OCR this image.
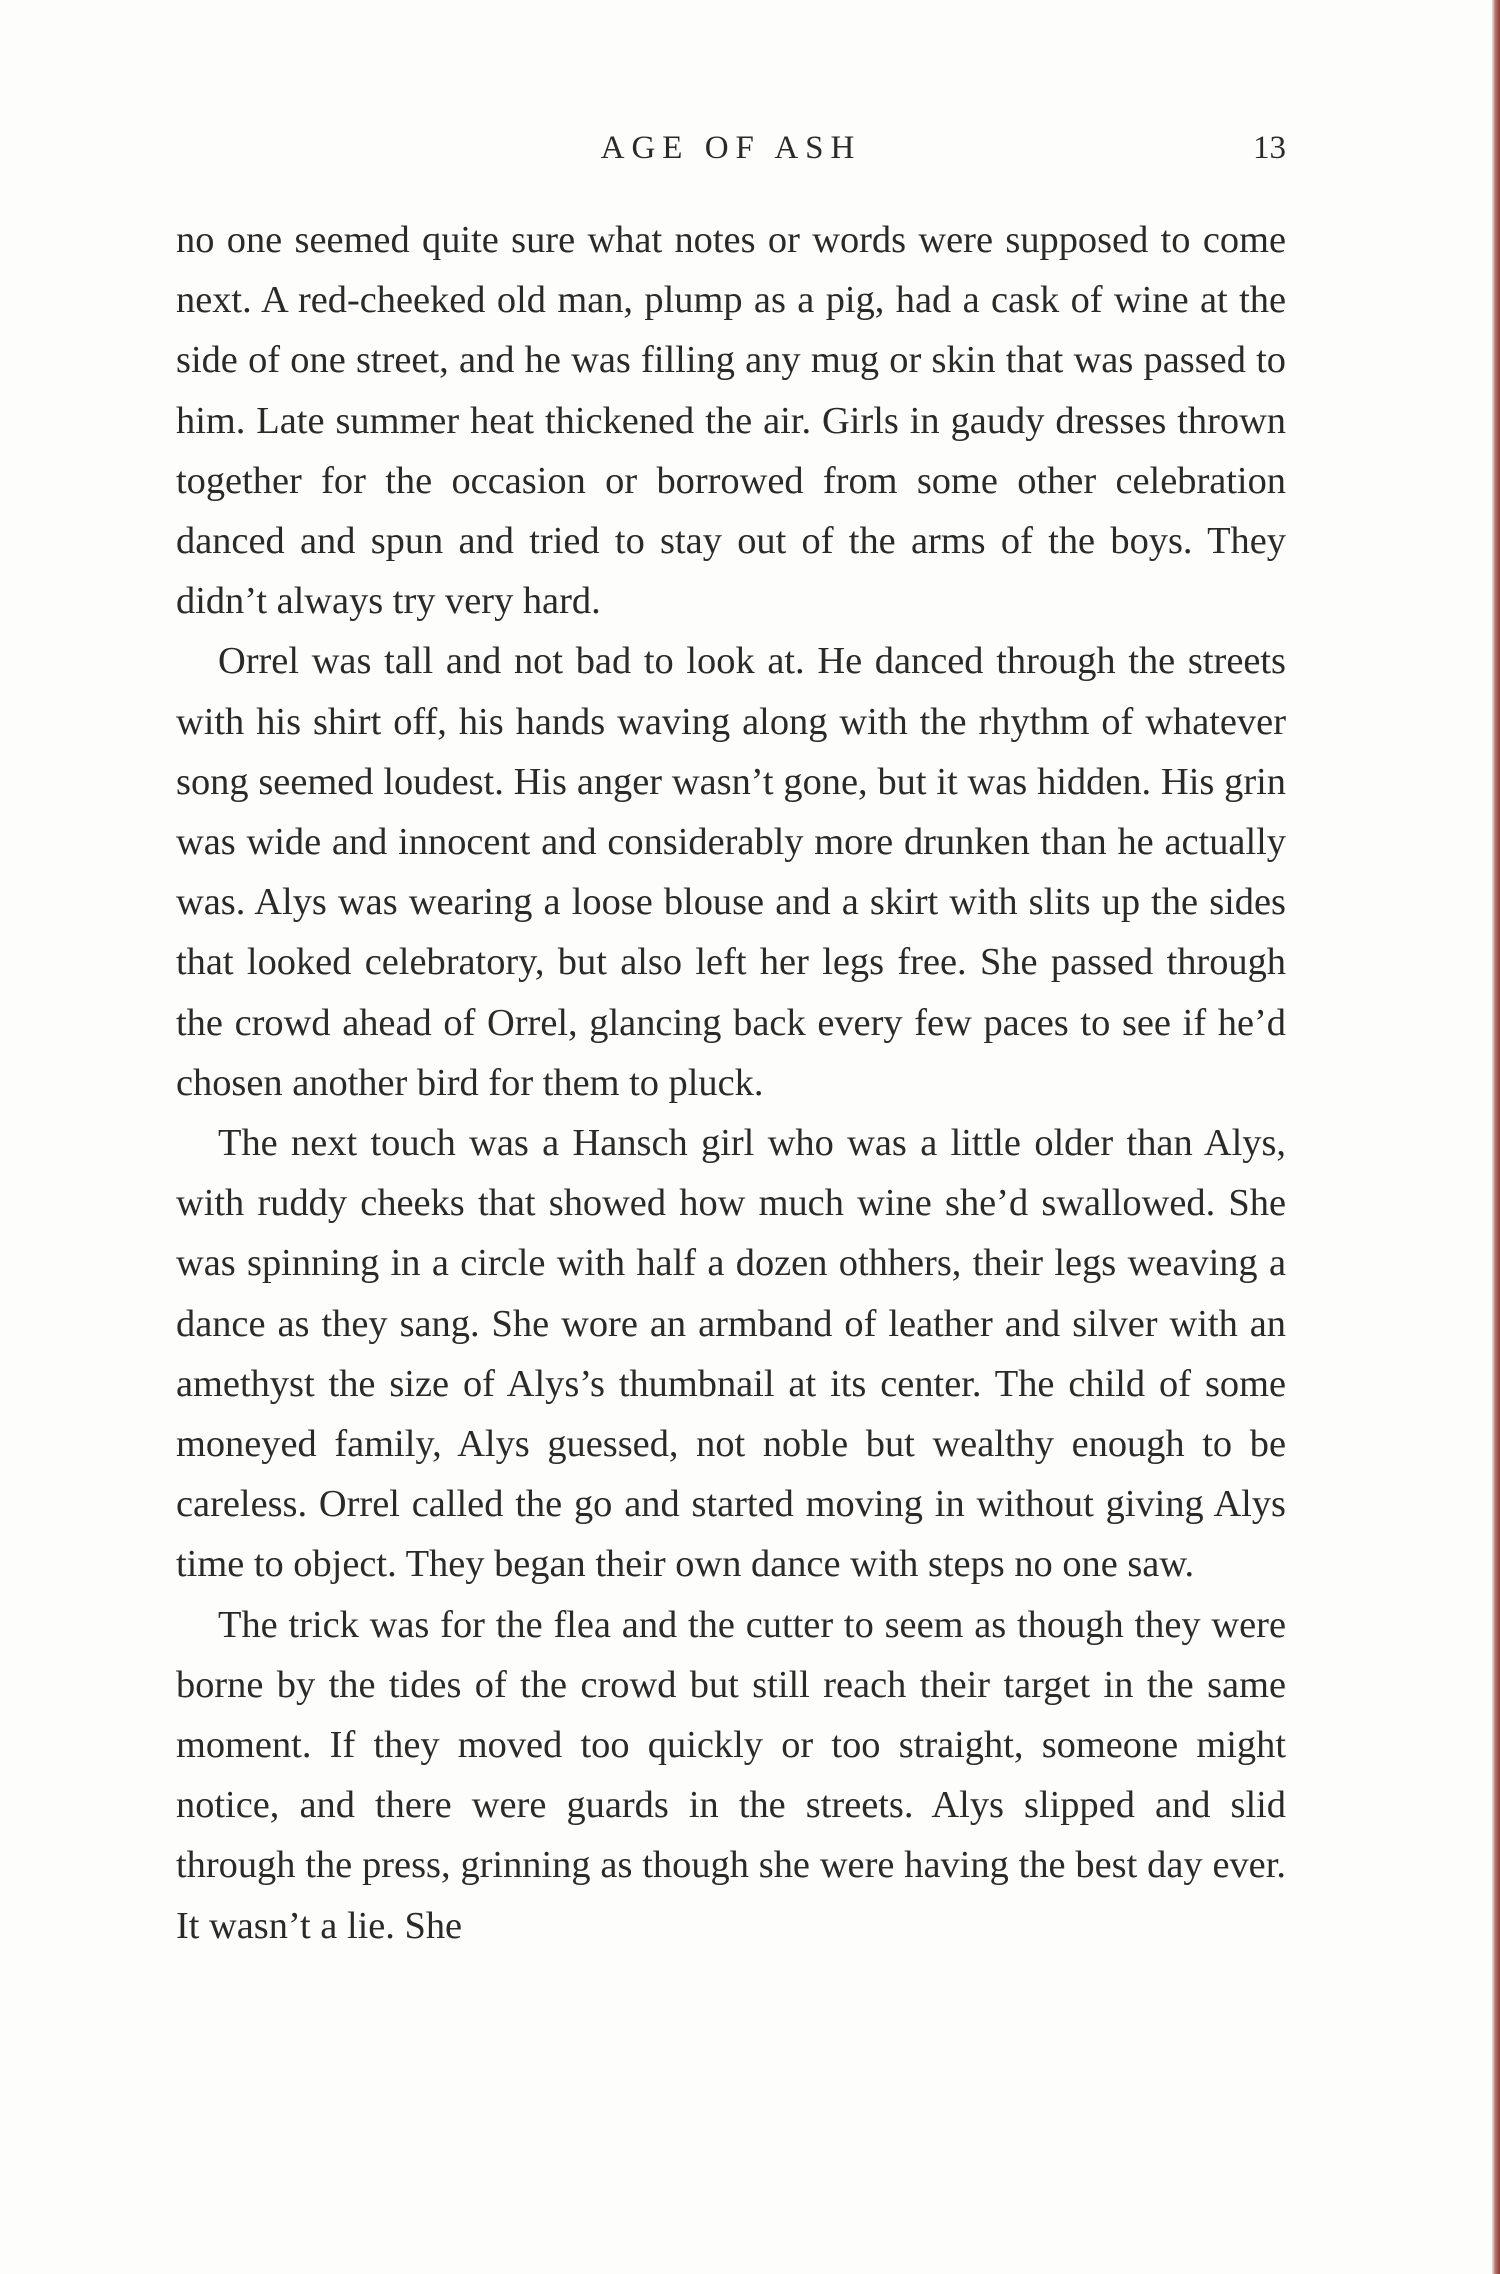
AGE OF ASH	13

no one seemed quite sure what notes or words were supposed to come next. A red-cheeked old man, plump as a pig, had a cask of wine at the side of one street, and he was filling any mug or skin that was passed to him. Late summer heat thickened the air. Girls in gaudy dresses thrown together for the occasion or borrowed from some other celebration danced and spun and tried to stay out of the arms of the boys. They didn’t always try very hard.

Orrel was tall and not bad to look at. He danced through the streets with his shirt off, his hands waving along with the rhythm of whatever song seemed loudest. His anger wasn’t gone, but it was hidden. His grin was wide and innocent and considerably more drunken than he actually was. Alys was wearing a loose blouse and a skirt with slits up the sides that looked celebratory, but also left her legs free. She passed through the crowd ahead of Orrel, glancing back every few paces to see if he’d chosen another bird for them to pluck.

The next touch was a Hansch girl who was a little older than Alys, with ruddy cheeks that showed how much wine she’d swallowed. She was spinning in a circle with half a dozen othhers, their legs weaving a dance as they sang. She wore an armband of leather and silver with an amethyst the size of Alys’s thumbnail at its center. The child of some moneyed family, Alys guessed, not noble but wealthy enough to be careless. Orrel called the go and started moving in without giving Alys time to object. They began their own dance with steps no one saw.

The trick was for the flea and the cutter to seem as though they were borne by the tides of the crowd but still reach their target in the same moment. If they moved too quickly or too straight, someone might notice, and there were guards in the streets. Alys slipped and slid through the press, grinning as though she were having the best day ever. It wasn’t a lie. She
